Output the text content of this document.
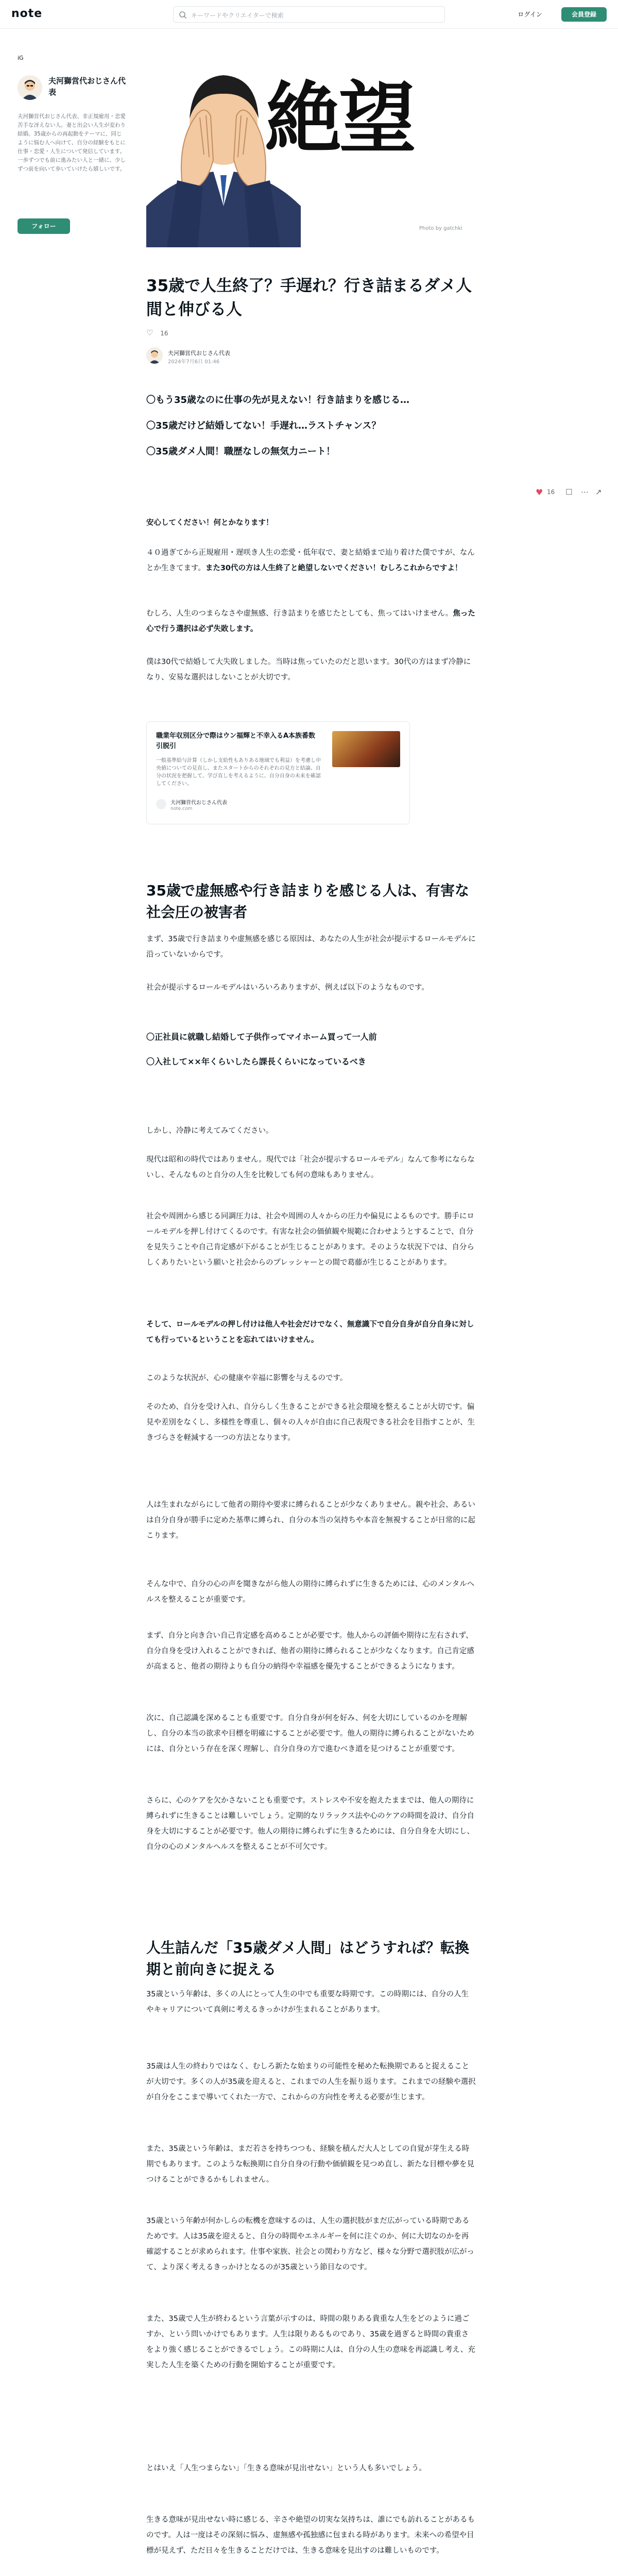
note	キーワードやクリエイターで検索	ログイン	会員登録
iG
夫河獅営代おじさん代表
夫河獅営代おじさん代表、非正規雇用・恋愛苦手な冴えない人。妻と出会い人生が変わり結婚。35歳からの再起動をテーマに、同じように悩む人へ向けて、自分の経験をもとに仕事・恋愛・人生について発信しています。一歩ずつでも前に進みたい人と一緒に、少しずつ前を向いて歩いていけたら嬉しいです。
フォロー
絶望
Photo by gatchki
35歳で人生終了？手遅れ？行き詰まるダメ人間と伸びる人
♡ 16
夫河獅営代おじさん代表
2024年7月6日 01:46
〇もう35歳なのに仕事の先が見えない！行き詰まりを感じる…
〇35歳だけど結婚してない！手遅れ…ラストチャンス？
〇35歳ダメ人間！職歴なしの無気力ニート！
♥ 16 ☐ ⋯ ↗
安心してください！何とかなります！
４０過ぎてから正規雇用・遅咲き人生の恋愛・低年収で、妻と結婚まで辿り着けた僕ですが、なんとか生きてます。また30代の方は人生終了と絶望しないでください！むしろこれからですよ！
むしろ、人生のつまらなさや虚無感、行き詰まりを感じたとしても、焦ってはいけません。焦った心で行う選択は必ず失敗します。
僕は30代で結婚して大失敗しました。当時は焦っていたのだと思います。30代の方はまず冷静になり、安易な選択はしないことが大切です。
職業年収別区分で際はウン福輝と不幸入るA本族番数引脱引
一般基準給与計算（しかし支給性もありある地域でも利益）を考慮し中央値についての見直し、またスタートからのそれぞれの見方と結論、自分の状況を把握して、学び直しを考えるように、自分自身の未来を確認してください。
夫河獅営代おじさん代表
note.com
35歳で虚無感や行き詰まりを感じる人は、有害な社会圧の被害者
まず、35歳で行き詰まりや虚無感を感じる原因は、あなたの人生が社会が提示するロールモデルに沿っていないからです。
社会が提示するロールモデルはいろいろありますが、例えば以下のようなものです。
〇正社員に就職し結婚して子供作ってマイホーム買って一人前
〇入社して××年くらいしたら課長くらいになっているべき
しかし、冷静に考えてみてください。
現代は昭和の時代ではありません。現代では「社会が提示するロールモデル」なんて参考にならないし、そんなものと自分の人生を比較しても何の意味もありません。
社会や周囲から感じる同調圧力は、社会や周囲の人々からの圧力や偏見によるものです。勝手にロールモデルを押し付けてくるのです。有害な社会の価値観や規範に合わせようとすることで、自分を見失うことや自己肯定感が下がることが生じることがあります。そのような状況下では、自分らしくありたいという願いと社会からのプレッシャーとの間で葛藤が生じることがあります。
そして、ロールモデルの押し付けは他人や社会だけでなく、無意識下で自分自身が自分自身に対しても行っているということを忘れてはいけません。
このような状況が、心の健康や幸福に影響を与えるのです。
そのため、自分を受け入れ、自分らしく生きることができる社会環境を整えることが大切です。偏見や差別をなくし、多様性を尊重し、個々の人々が自由に自己表現できる社会を目指すことが、生きづらさを軽減する一つの方法となります。
人は生まれながらにして他者の期待や要求に縛られることが少なくありません。親や社会、あるいは自分自身が勝手に定めた基準に縛られ、自分の本当の気持ちや本音を無視することが日常的に起こります。
そんな中で、自分の心の声を聞きながら他人の期待に縛られずに生きるためには、心のメンタルヘルスを整えることが重要です。
まず、自分と向き合い自己肯定感を高めることが必要です。他人からの評価や期待に左右されず、自分自身を受け入れることができれば、他者の期待に縛られることが少なくなります。自己肯定感が高まると、他者の期待よりも自分の納得や幸福感を優先することができるようになります。
次に、自己認識を深めることも重要です。自分自身が何を好み、何を大切にしているのかを理解し、自分の本当の欲求や目標を明確にすることが必要です。他人の期待に縛られることがないためには、自分という存在を深く理解し、自分自身の方で進むべき道を見つけることが重要です。
さらに、心のケアを欠かさないことも重要です。ストレスや不安を抱えたままでは、他人の期待に縛られずに生きることは難しいでしょう。定期的なリラックス法や心のケアの時間を設け、自分自身を大切にすることが必要です。他人の期待に縛られずに生きるためには、自分自身を大切にし、自分の心のメンタルヘルスを整えることが不可欠です。
人生詰んだ「35歳ダメ人間」はどうすれば？転換期と前向きに捉える
35歳という年齢は、多くの人にとって人生の中でも重要な時期です。この時期には、自分の人生やキャリアについて真剣に考えるきっかけが生まれることがあります。
35歳は人生の終わりではなく、むしろ新たな始まりの可能性を秘めた転換期であると捉えることが大切です。多くの人が35歳を迎えると、これまでの人生を振り返ります。これまでの経験や選択が自分をここまで導いてくれた一方で、これからの方向性を考える必要が生じます。
また、35歳という年齢は、まだ若さを持ちつつも、経験を積んだ大人としての自覚が芽生える時期でもあります。このような転換期に自分自身の行動や価値観を見つめ直し、新たな目標や夢を見つけることができるかもしれません。
35歳という年齢が何かしらの転機を意味するのは、人生の選択肢がまだ広がっている時期であるためです。人は35歳を迎えると、自分の時間やエネルギーを何に注ぐのか、何に大切なのかを再確認することが求められます。仕事や家族、社会との関わり方など、様々な分野で選択肢が広がって、より深く考えるきっかけとなるのが35歳という節目なのです。
また、35歳で人生が終わるという言葉が示すのは、時間の限りある貴重な人生をどのように過ごすか、という問いかけでもあります。人生は限りあるものであり、35歳を過ぎると時間の貴重さをより強く感じることができるでしょう。この時期に人は、自分の人生の意味を再認識し考え、充実した人生を築くための行動を開始することが重要です。
とはいえ「人生つまらない」「生きる意味が見出せない」という人も多いでしょう。
生きる意味が見出せない時に感じる、辛さや絶望の切実な気持ちは、誰にでも訪れることがあるものです。人は一度はその深刻に悩み、虚無感や孤独感に包まれる時があります。未来への希望や目標が見えず、ただ日々を生きることだけでは、生きる意味を見出すのは難しいものです。
